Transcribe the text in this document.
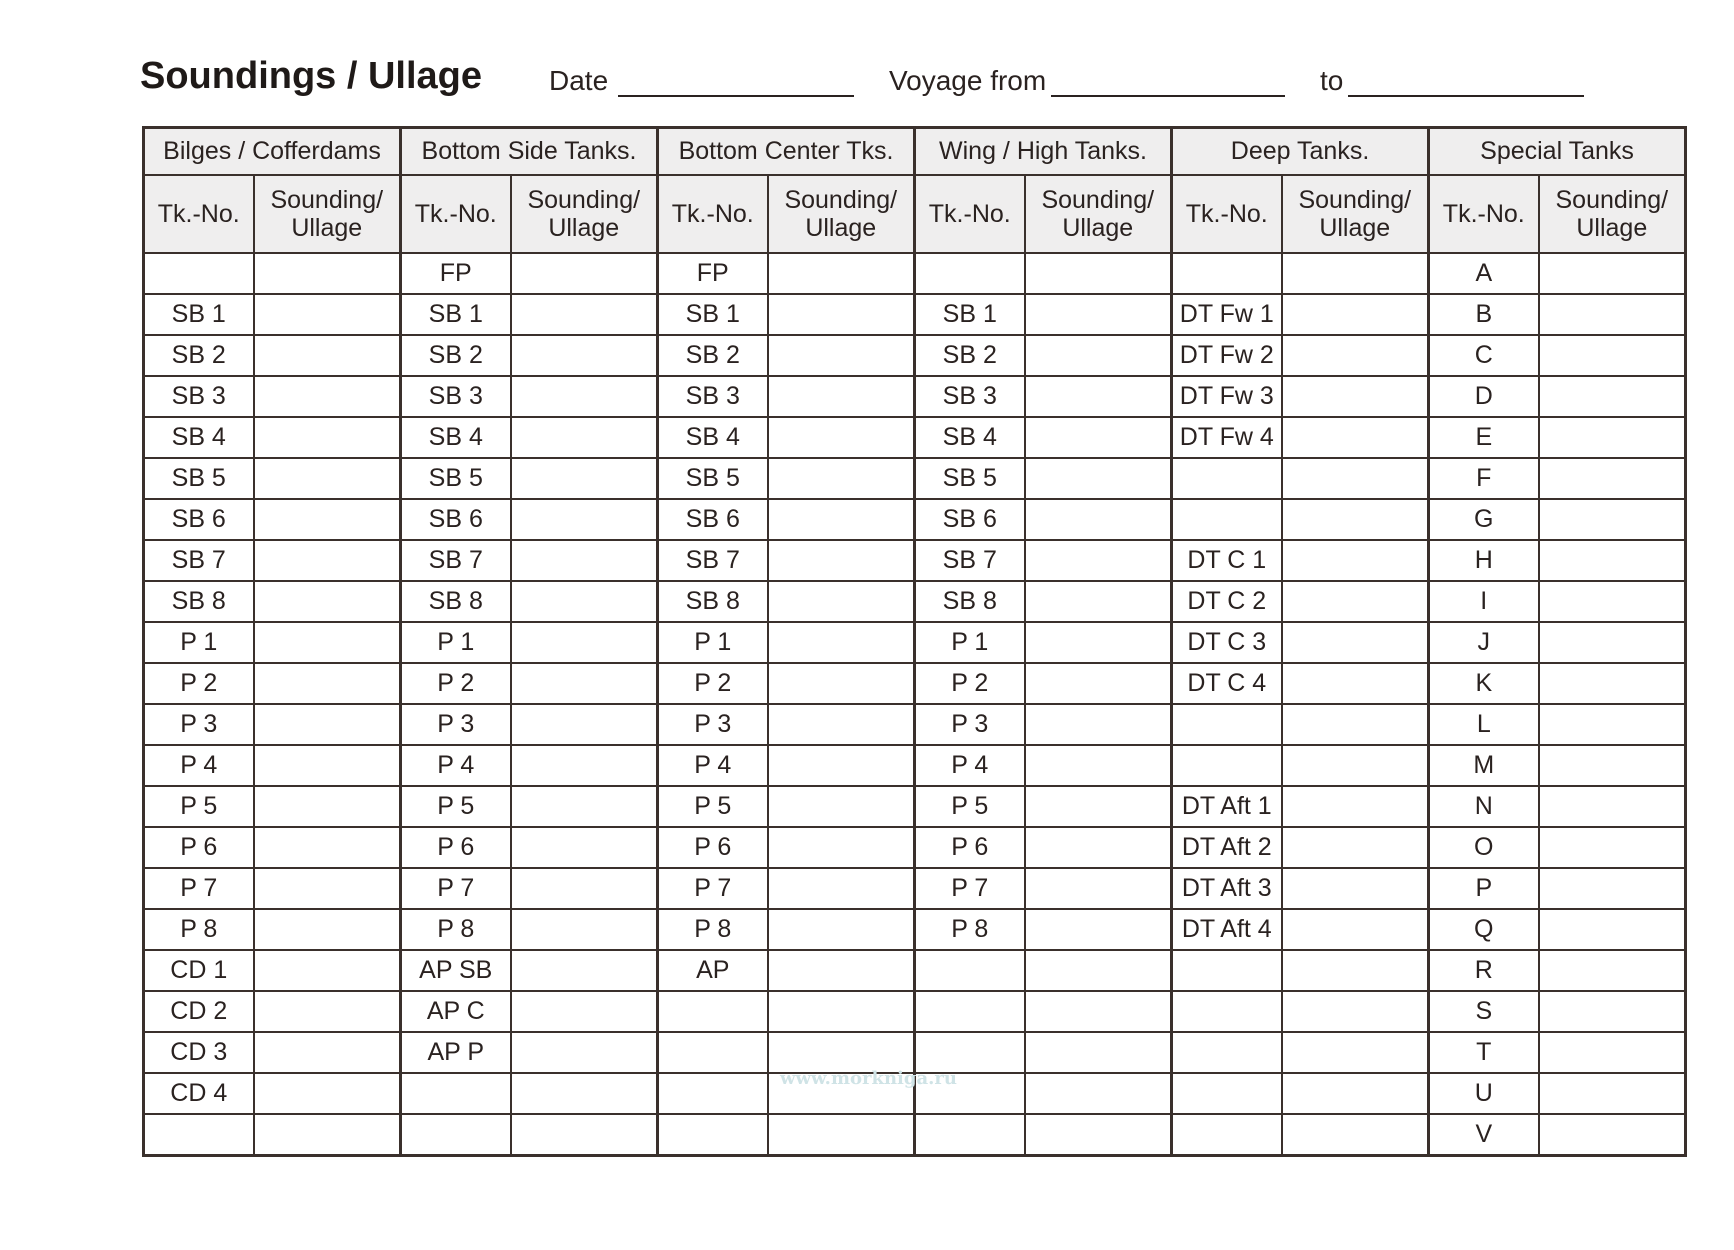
Soundings / Ullage Date	Voyage from	to
Bilges / Cofferdams		Bottom Side Tanks.		Bottom Center Tks.		Wing / High Tanks.		Deep Tanks.		Special Tanks	
Tk.-No.	Sounding/
Ullage	Tk.-No.	Sounding/
Ullage	Tk.-No.	Sounding/
Ullage	Tk.-No.	Sounding/
Ullage	Tk.-No.	Sounding/
Ullage	Tk.-No.	Sounding/
Ullage
		FP		FP						A	
SB 1		SB 1		SB 1		SB 1		DT Fw 1		B	
SB 2		SB 2		SB 2		SB 2		DT Fw 2		C	
SB 3		SB 3		SB 3		SB 3		DT Fw 3		D	
SB 4		SB 4		SB 4		SB 4		DT Fw 4		E	
SB 5		SB 5		SB 5		SB 5				F	
SB 6		SB 6		SB 6		SB 6				G	
SB 7		SB 7		SB 7		SB 7		DT C 1		H	
SB 8		SB 8		SB 8		SB 8		DT C 2		I	
P 1		P 1		P 1		P 1		DT C 3		J	
P 2		P 2		P 2		P 2		DT C 4		K	
P 3		P 3		P 3		P 3				L	
P 4		P 4		P 4		P 4				M	
P 5		P 5		P 5		P 5		DT Aft 1		N	
P 6		P 6		P 6		P 6		DT Aft 2		O	
P 7		P 7		P 7		P 7		DT Aft 3		P	
P 8		P 8		P 8		P 8		DT Aft 4		Q	
CD 1		AP SB		AP						R	
CD 2		AP C								S	
CD 3		AP P								T	
CD 4										U	
										V	
www.morkniga.ru
